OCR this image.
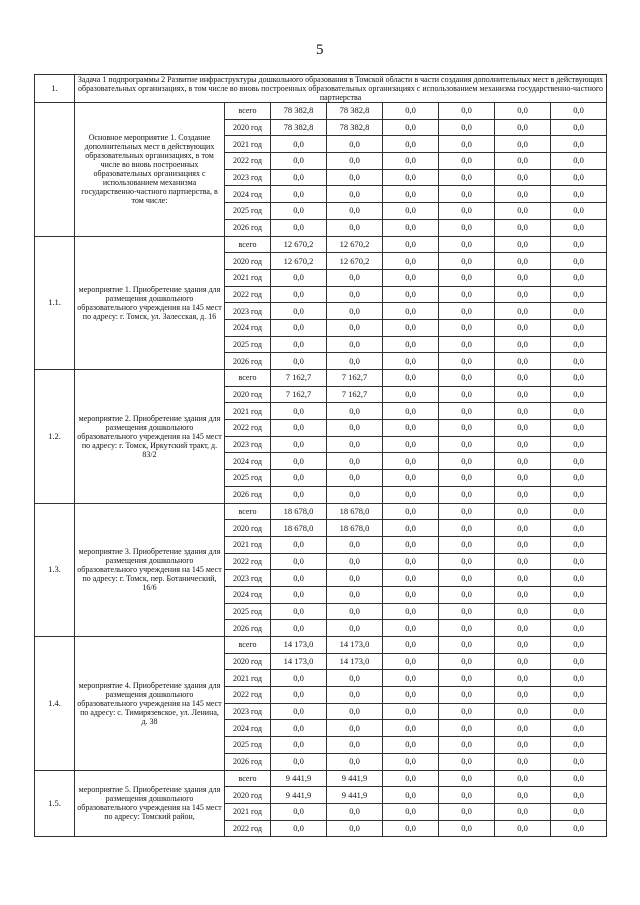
5
1.	Задача 1 подпрограммы 2 Развитие инфраструктуры дошкольного образования в Томской области в части создания дополнительных мест в действующих образовательных организациях, в том числе во вновь построенных образовательных организациях с использованием механизма государственно-частного партнерства							
	Основное мероприятие 1. Создание дополнительных мест в действующих образовательных организациях, в том числе во вновь построенных образовательных организациях с использованием механизма государственно-частного партнерства, в том числе:	всего	78 382,8	78 382,8	0,0	0,0	0,0	0,0
		2020 год	78 382,8	78 382,8	0,0	0,0	0,0	0,0
		2021 год	0,0	0,0	0,0	0,0	0,0	0,0
		2022 год	0,0	0,0	0,0	0,0	0,0	0,0
		2023 год	0,0	0,0	0,0	0,0	0,0	0,0
		2024 год	0,0	0,0	0,0	0,0	0,0	0,0
		2025 год	0,0	0,0	0,0	0,0	0,0	0,0
		2026 год	0,0	0,0	0,0	0,0	0,0	0,0
1.1.	мероприятие 1. Приобретение здания для размещения дошкольного образовательного учреждения на 145 мест по адресу: г. Томск, ул. Залесская, д. 16	всего	12 670,2	12 670,2	0,0	0,0	0,0	0,0
		2020 год	12 670,2	12 670,2	0,0	0,0	0,0	0,0
		2021 год	0,0	0,0	0,0	0,0	0,0	0,0
		2022 год	0,0	0,0	0,0	0,0	0,0	0,0
		2023 год	0,0	0,0	0,0	0,0	0,0	0,0
		2024 год	0,0	0,0	0,0	0,0	0,0	0,0
		2025 год	0,0	0,0	0,0	0,0	0,0	0,0
		2026 год	0,0	0,0	0,0	0,0	0,0	0,0
1.2.	мероприятие 2. Приобретение здания для размещения дошкольного образовательного учреждения на 145 мест по адресу: г. Томск, Иркутский тракт, д. 83/2	всего	7 162,7	7 162,7	0,0	0,0	0,0	0,0
		2020 год	7 162,7	7 162,7	0,0	0,0	0,0	0,0
		2021 год	0,0	0,0	0,0	0,0	0,0	0,0
		2022 год	0,0	0,0	0,0	0,0	0,0	0,0
		2023 год	0,0	0,0	0,0	0,0	0,0	0,0
		2024 год	0,0	0,0	0,0	0,0	0,0	0,0
		2025 год	0,0	0,0	0,0	0,0	0,0	0,0
		2026 год	0,0	0,0	0,0	0,0	0,0	0,0
1.3.	мероприятие 3. Приобретение здания для размещения дошкольного образовательного учреждения на 145 мест по адресу: г. Томск, пер. Ботанический, 16/6	всего	18 678,0	18 678,0	0,0	0,0	0,0	0,0
		2020 год	18 678,0	18 678,0	0,0	0,0	0,0	0,0
		2021 год	0,0	0,0	0,0	0,0	0,0	0,0
		2022 год	0,0	0,0	0,0	0,0	0,0	0,0
		2023 год	0,0	0,0	0,0	0,0	0,0	0,0
		2024 год	0,0	0,0	0,0	0,0	0,0	0,0
		2025 год	0,0	0,0	0,0	0,0	0,0	0,0
		2026 год	0,0	0,0	0,0	0,0	0,0	0,0
1.4.	мероприятие 4. Приобретение здания для размещения дошкольного образовательного учреждения на 145 мест по адресу: с. Тимирязевское, ул. Ленина, д. 38	всего	14 173,0	14 173,0	0,0	0,0	0,0	0,0
		2020 год	14 173,0	14 173,0	0,0	0,0	0,0	0,0
		2021 год	0,0	0,0	0,0	0,0	0,0	0,0
		2022 год	0,0	0,0	0,0	0,0	0,0	0,0
		2023 год	0,0	0,0	0,0	0,0	0,0	0,0
		2024 год	0,0	0,0	0,0	0,0	0,0	0,0
		2025 год	0,0	0,0	0,0	0,0	0,0	0,0
		2026 год	0,0	0,0	0,0	0,0	0,0	0,0
1.5.	мероприятие 5. Приобретение здания для размещения дошкольного образовательного учреждения на 145 мест по адресу: Томский район,	всего	9 441,9	9 441,9	0,0	0,0	0,0	0,0
		2020 год	9 441,9	9 441,9	0,0	0,0	0,0	0,0
		2021 год	0,0	0,0	0,0	0,0	0,0	0,0
		2022 год	0,0	0,0	0,0	0,0	0,0	0,0
